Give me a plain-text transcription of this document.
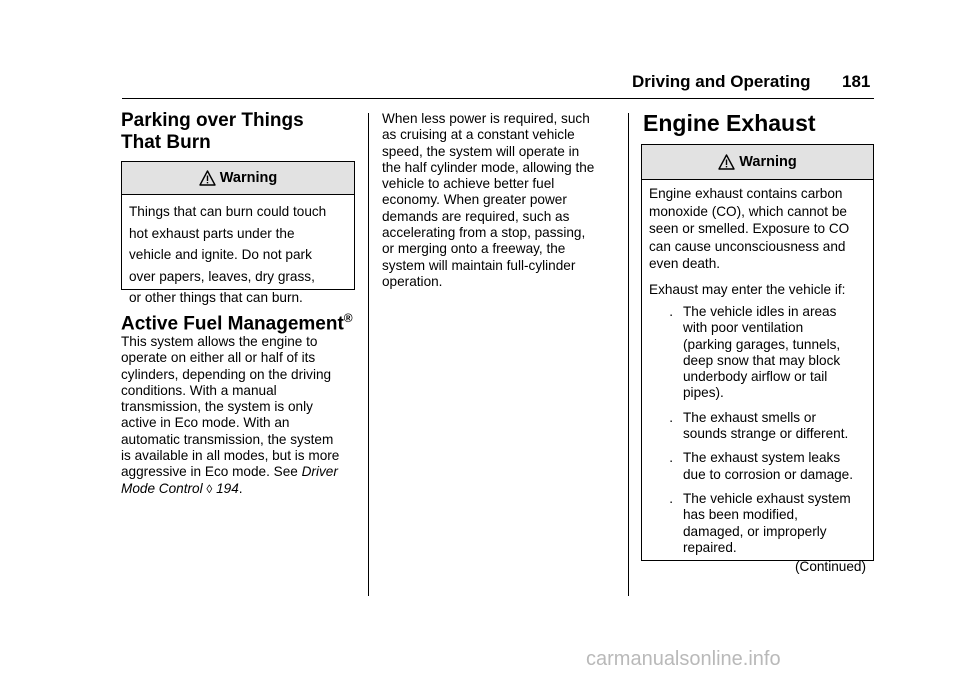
Driving and Operating 181
Parking over Things
That Burn
Warning
Things that can burn could touch
hot exhaust parts under the
vehicle and ignite. Do not park
over papers, leaves, dry grass,
or other things that can burn.
Active Fuel Management®
This system allows the engine to
operate on either all or half of its
cylinders, depending on the driving
conditions. With a manual
transmission, the system is only
active in Eco mode. With an
automatic transmission, the system
is available in all modes, but is more
aggressive in Eco mode. See Driver
Mode Control ◊ 194.
When less power is required, such
as cruising at a constant vehicle
speed, the system will operate in
the half cylinder mode, allowing the
vehicle to achieve better fuel
economy. When greater power
demands are required, such as
accelerating from a stop, passing,
or merging onto a freeway, the
system will maintain full-cylinder
operation.
Engine Exhaust
Warning
Engine exhaust contains carbon
monoxide (CO), which cannot be
seen or smelled. Exposure to CO
can cause unconsciousness and
even death.
Exhaust may enter the vehicle if:
. The vehicle idles in areas
with poor ventilation
(parking garages, tunnels,
deep snow that may block
underbody airflow or tail
pipes).
. The exhaust smells or
sounds strange or different.
. The exhaust system leaks
due to corrosion or damage.
. The vehicle exhaust system
has been modified,
damaged, or improperly
repaired.
(Continued)
carmanualsonline.info
